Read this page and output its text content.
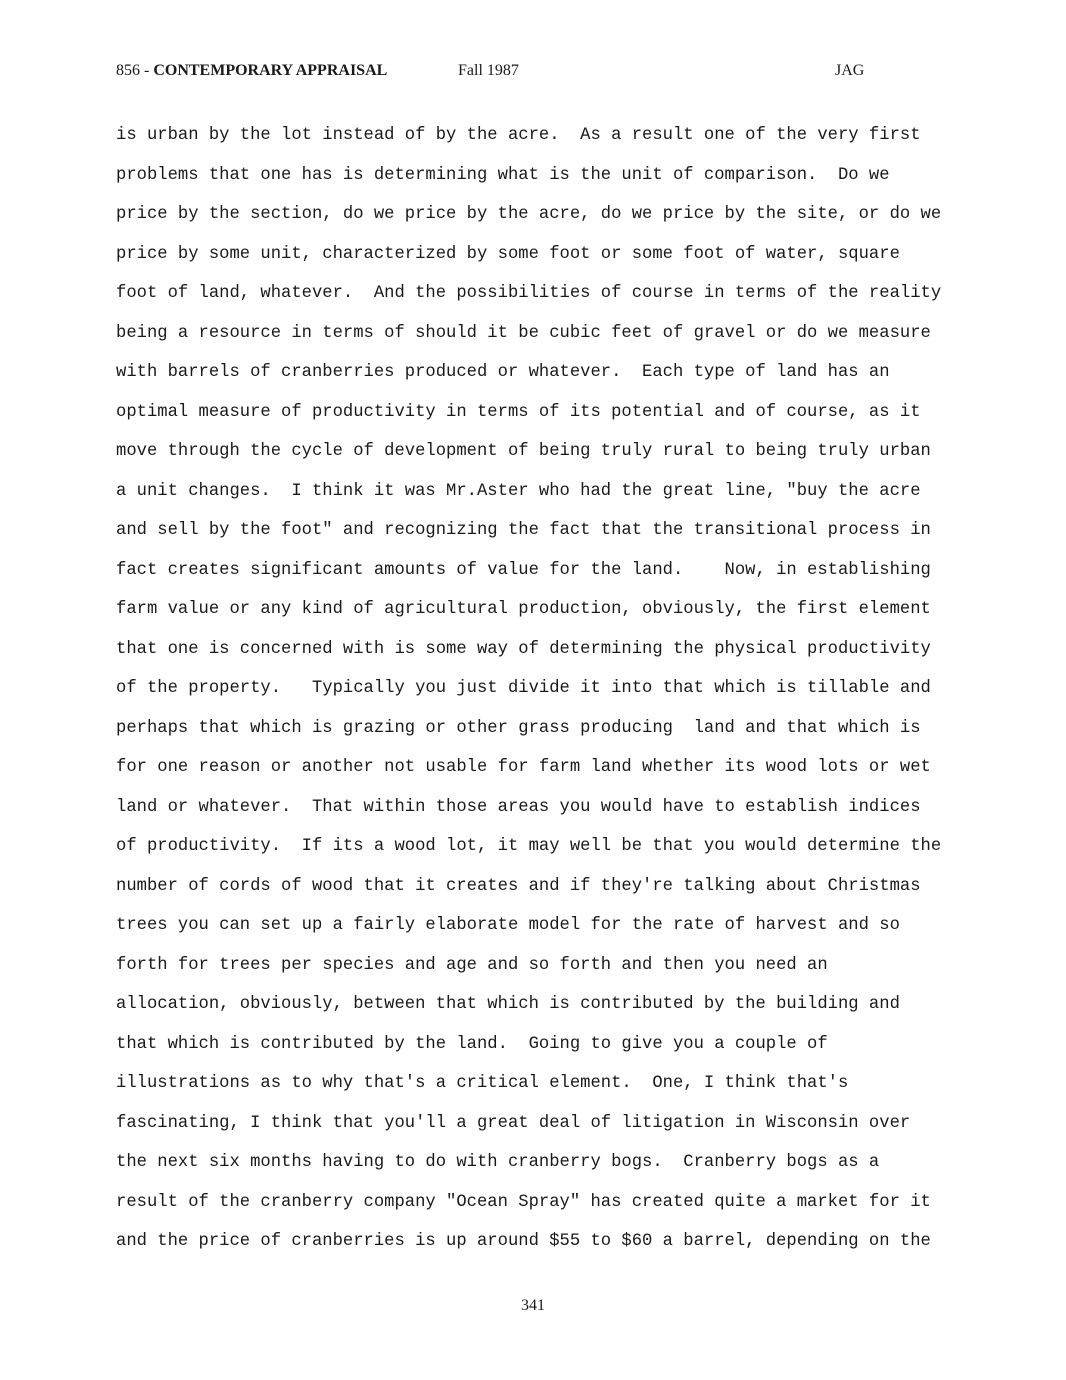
856 - CONTEMPORARY APPRAISAL	Fall 1987	JAG
is urban by the lot instead of by the acre.  As a result one of the very first
problems that one has is determining what is the unit of comparison.  Do we
price by the section, do we price by the acre, do we price by the site, or do we
price by some unit, characterized by some foot or some foot of water, square
foot of land, whatever.  And the possibilities of course in terms of the reality
being a resource in terms of should it be cubic feet of gravel or do we measure
with barrels of cranberries produced or whatever.  Each type of land has an
optimal measure of productivity in terms of its potential and of course, as it
move through the cycle of development of being truly rural to being truly urban
a unit changes.  I think it was Mr.Aster who had the great line, "buy the acre
and sell by the foot" and recognizing the fact that the transitional process in
fact creates significant amounts of value for the land.    Now, in establishing
farm value or any kind of agricultural production, obviously, the first element
that one is concerned with is some way of determining the physical productivity
of the property.   Typically you just divide it into that which is tillable and
perhaps that which is grazing or other grass producing  land and that which is
for one reason or another not usable for farm land whether its wood lots or wet
land or whatever.  That within those areas you would have to establish indices
of productivity.  If its a wood lot, it may well be that you would determine the
number of cords of wood that it creates and if they're talking about Christmas
trees you can set up a fairly elaborate model for the rate of harvest and so
forth for trees per species and age and so forth and then you need an
allocation, obviously, between that which is contributed by the building and
that which is contributed by the land.  Going to give you a couple of
illustrations as to why that's a critical element.  One, I think that's
fascinating, I think that you'll a great deal of litigation in Wisconsin over
the next six months having to do with cranberry bogs.  Cranberry bogs as a
result of the cranberry company "Ocean Spray" has created quite a market for it
and the price of cranberries is up around $55 to $60 a barrel, depending on the
341
